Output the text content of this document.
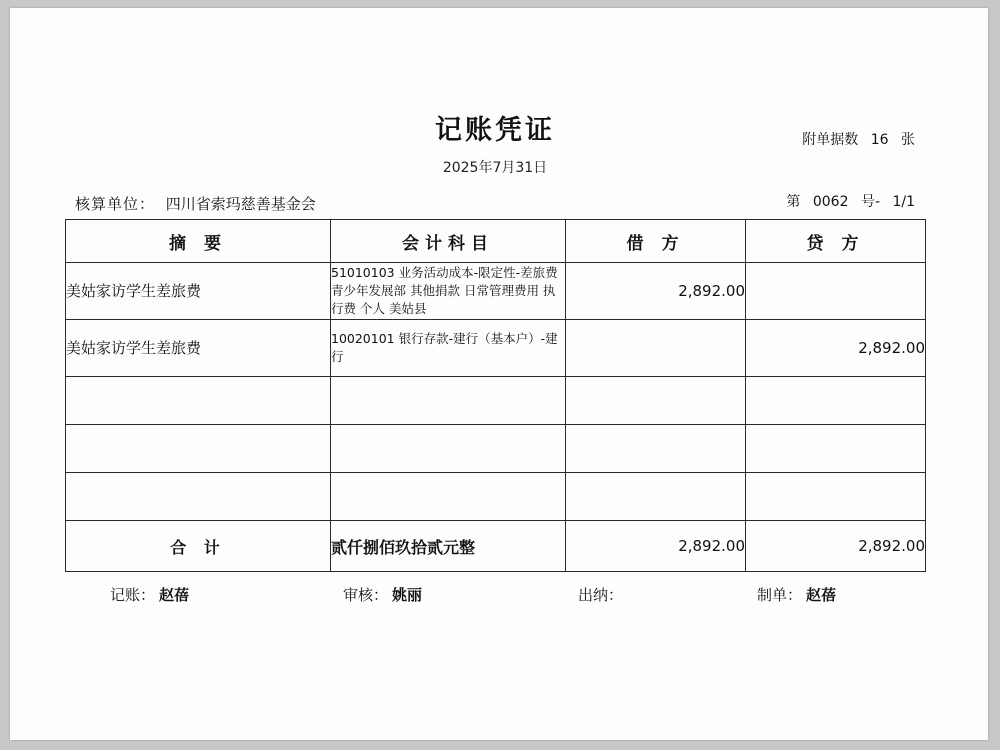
记账凭证
2025年7月31日
附单据数 16 张
核算单位： 四川省索玛慈善基金会	第 0062 号- 1/1
摘 要	会计科目	借 方	贷 方
美姑家访学生差旅费	51010103 业务活动成本-限定性-差旅费 青少年发展部 其他捐款 日常管理费用 执行费 个人 美姑县	2,892.00	
美姑家访学生差旅费	10020101 银行存款-建行（基本户）-建行		2,892.00

合 计	贰仟捌佰玖拾贰元整	2,892.00	2,892.00
记账： 赵蓓	审核： 姚丽	出纳：	制单： 赵蓓
